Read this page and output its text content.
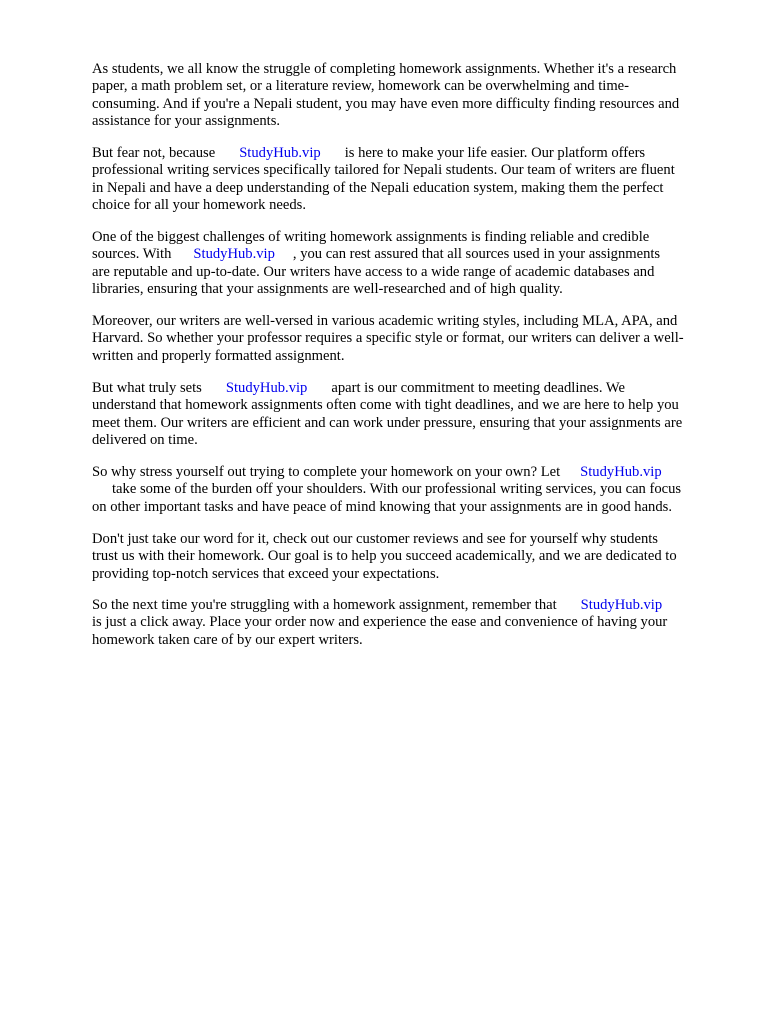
As students, we all know the struggle of completing homework assignments. Whether it's a research
paper, a math problem set, or a literature review, homework can be overwhelming and time-
consuming. And if you're a Nepali student, you may have even more difficulty finding resources and
assistance for your assignments.

But fear not, because StudyHub.vip is here to make your life easier. Our platform offers
professional writing services specifically tailored for Nepali students. Our team of writers are fluent
in Nepali and have a deep understanding of the Nepali education system, making them the perfect
choice for all your homework needs.

One of the biggest challenges of writing homework assignments is finding reliable and credible
sources. With StudyHub.vip , you can rest assured that all sources used in your assignments
are reputable and up-to-date. Our writers have access to a wide range of academic databases and
libraries, ensuring that your assignments are well-researched and of high quality.

Moreover, our writers are well-versed in various academic writing styles, including MLA, APA, and
Harvard. So whether your professor requires a specific style or format, our writers can deliver a well-
written and properly formatted assignment.

But what truly sets StudyHub.vip apart is our commitment to meeting deadlines. We
understand that homework assignments often come with tight deadlines, and we are here to help you
meet them. Our writers are efficient and can work under pressure, ensuring that your assignments are
delivered on time.

So why stress yourself out trying to complete your homework on your own? Let StudyHub.vip
take some of the burden off your shoulders. With our professional writing services, you can focus
on other important tasks and have peace of mind knowing that your assignments are in good hands.

Don't just take our word for it, check out our customer reviews and see for yourself why students
trust us with their homework. Our goal is to help you succeed academically, and we are dedicated to
providing top-notch services that exceed your expectations.

So the next time you're struggling with a homework assignment, remember that StudyHub.vip
is just a click away. Place your order now and experience the ease and convenience of having your
homework taken care of by our expert writers.
